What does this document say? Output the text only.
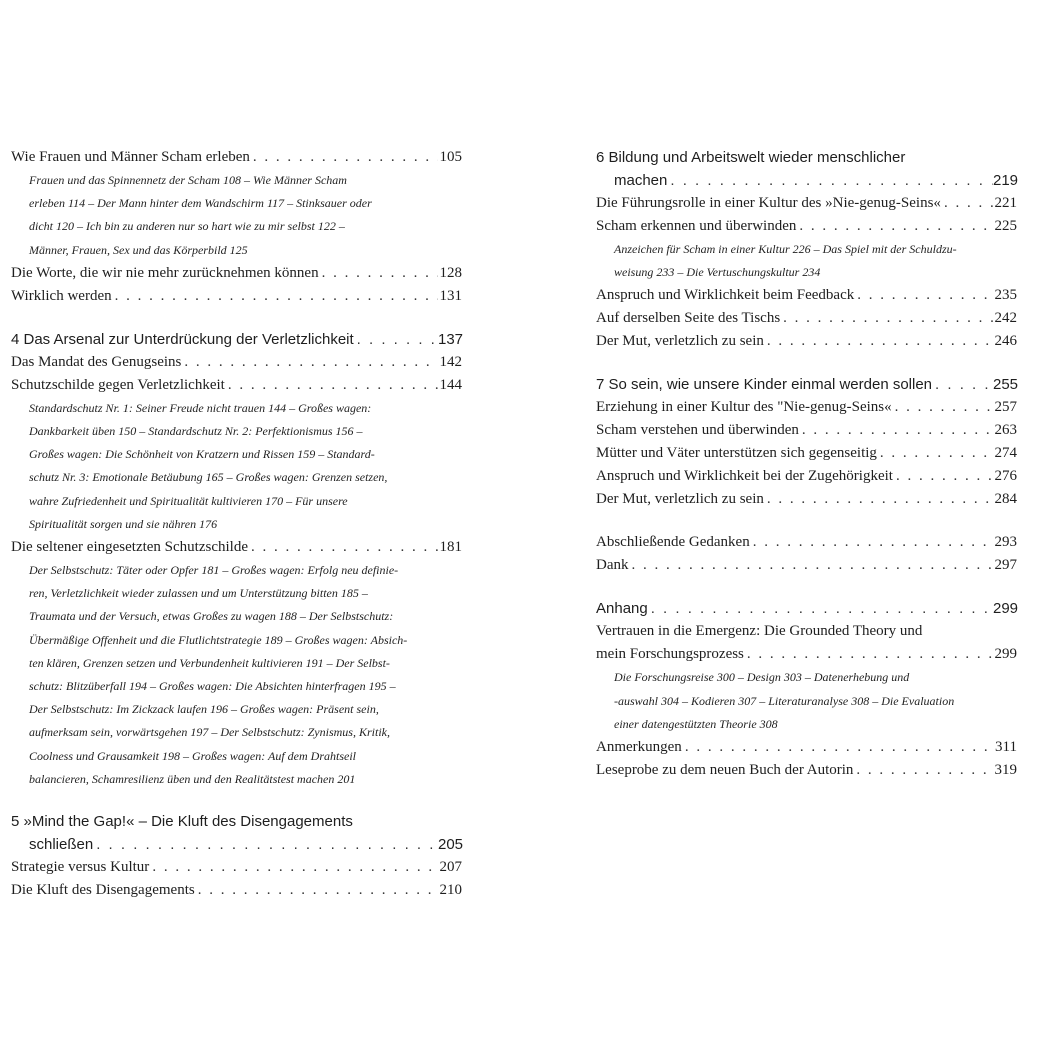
Wie Frauen und Männer Scham erleben . . .	105
Frauen und das Spinnennetz der Scham 108 – Wie Männer Scham
erleben 114 – Der Mann hinter dem Wandschirm 117 – Stinksauer oder
dicht 120 – Ich bin zu anderen nur so hart wie zu mir selbst 122 –
Männer, Frauen, Sex und das Körperbild 125
Die Worte, die wir nie mehr zurücknehmen können . . .	128
Wirklich werden . . .	131
4 Das Arsenal zur Unterdrückung der Verletzlichkeit . . .	137
Das Mandat des Genugseins . . .	142
Schutzschilde gegen Verletzlichkeit . . .	144
Standardschutz Nr. 1: Seiner Freude nicht trauen 144 – Großes wagen:
Dankbarkeit üben 150 – Standardschutz Nr. 2: Perfektionismus 156 –
Großes wagen: Die Schönheit von Kratzern und Rissen 159 – Standard-
schutz Nr. 3: Emotionale Betäubung 165 – Großes wagen: Grenzen setzen,
wahre Zufriedenheit und Spiritualität kultivieren 170 – Für unsere
Spiritualität sorgen und sie nähren 176
Die seltener eingesetzten Schutzschilde . . .	181
Der Selbstschutz: Täter oder Opfer 181 – Großes wagen: Erfolg neu definie-
ren, Verletzlichkeit wieder zulassen und um Unterstützung bitten 185 –
Traumata und der Versuch, etwas Großes zu wagen 188 – Der Selbstschutz:
Übermäßige Offenheit und die Flutlichtstrategie 189 – Großes wagen: Absich-
ten klären, Grenzen setzen und Verbundenheit kultivieren 191 – Der Selbst-
schutz: Blitzüberfall 194 – Großes wagen: Die Absichten hinterfragen 195 –
Der Selbstschutz: Im Zickzack laufen 196 – Großes wagen: Präsent sein,
aufmerksam sein, vorwärtsgehen 197 – Der Selbstschutz: Zynismus, Kritik,
Coolness und Grausamkeit 198 – Großes wagen: Auf dem Drahtseil
balancieren, Schamresilienz üben und den Realitätstest machen 201
5 »Mind the Gap!« – Die Kluft des Disengagements
schließen . . .	205
Strategie versus Kultur . . .	207
Die Kluft des Disengagements . . .	210
6 Bildung und Arbeitswelt wieder menschlicher
machen . . .	219
Die Führungsrolle in einer Kultur des »Nie-genug-Seins« . . .	221
Scham erkennen und überwinden . . .	225
Anzeichen für Scham in einer Kultur 226 – Das Spiel mit der Schuldzu-
weisung 233 – Die Vertuschungskultur 234
Anspruch und Wirklichkeit beim Feedback . . .	235
Auf derselben Seite des Tischs . . .	242
Der Mut, verletzlich zu sein . . .	246
7 So sein, wie unsere Kinder einmal werden sollen . . .	255
Erziehung in einer Kultur des "Nie-genug-Seins« . . .	257
Scham verstehen und überwinden . . .	263
Mütter und Väter unterstützen sich gegenseitig . . .	274
Anspruch und Wirklichkeit bei der Zugehörigkeit . . .	276
Der Mut, verletzlich zu sein . . .	284
Abschließende Gedanken . . .	293
Dank . . .	297
Anhang . . .	299
Vertrauen in die Emergenz: Die Grounded Theory und
mein Forschungsprozess . . .	299
Die Forschungsreise 300 – Design 303 – Datenerhebung und
-auswahl 304 – Kodieren 307 – Literaturanalyse 308 – Die Evaluation
einer datengestützten Theorie 308
Anmerkungen . . .	311
Leseprobe zu dem neuen Buch der Autorin . . .	319
